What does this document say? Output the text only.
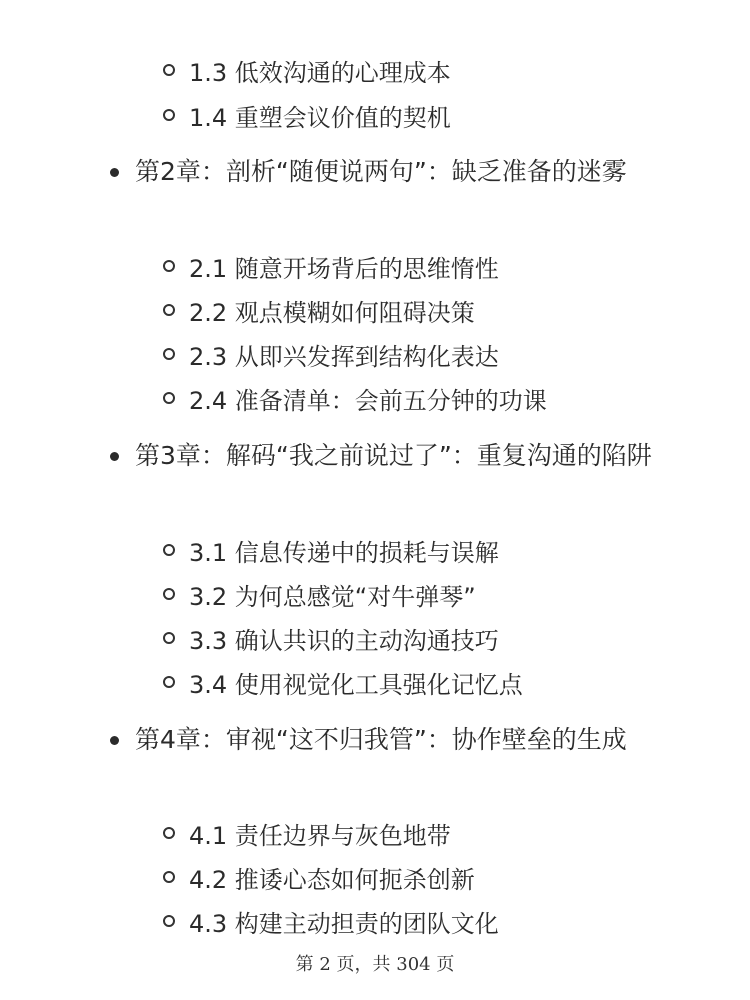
1.3 低效沟通的心理成本
1.4 重塑会议价值的契机
第2章：剖析“随便说两句”：缺乏准备的迷雾
2.1 随意开场背后的思维惰性
2.2 观点模糊如何阻碍决策
2.3 从即兴发挥到结构化表达
2.4 准备清单：会前五分钟的功课
第3章：解码“我之前说过了”：重复沟通的陷阱
3.1 信息传递中的损耗与误解
3.2 为何总感觉“对牛弹琴”
3.3 确认共识的主动沟通技巧
3.4 使用视觉化工具强化记忆点
第4章：审视“这不归我管”：协作壁垒的生成
4.1 责任边界与灰色地带
4.2 推诿心态如何扼杀创新
4.3 构建主动担责的团队文化
第 2 页，共 304 页
